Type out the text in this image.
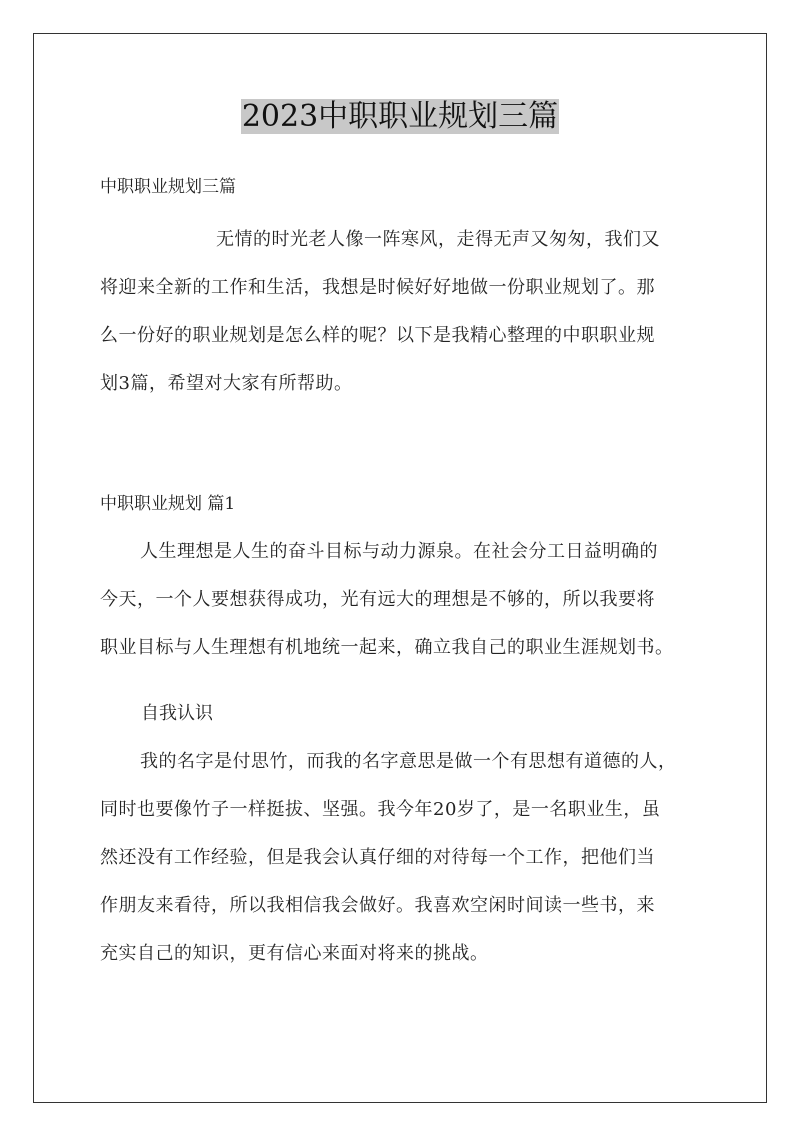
2023中职职业规划三篇
中职职业规划三篇

无情的时光老人像一阵寒风，走得无声又匆匆，我们又
将迎来全新的工作和生活，我想是时候好好地做一份职业规划了。那
么一份好的职业规划是怎么样的呢？以下是我精心整理的中职职业规
划3篇，希望对大家有所帮助。

中职职业规划 篇1

人生理想是人生的奋斗目标与动力源泉。在社会分工日益明确的
今天，一个人要想获得成功，光有远大的理想是不够的，所以我要将
职业目标与人生理想有机地统一起来，确立我自己的职业生涯规划书。

自我认识

我的名字是付思竹，而我的名字意思是做一个有思想有道德的人，
同时也要像竹子一样挺拔、坚强。我今年20岁了，是一名职业生，虽
然还没有工作经验，但是我会认真仔细的对待每一个工作，把他们当
作朋友来看待，所以我相信我会做好。我喜欢空闲时间读一些书，来
充实自己的知识，更有信心来面对将来的挑战。
